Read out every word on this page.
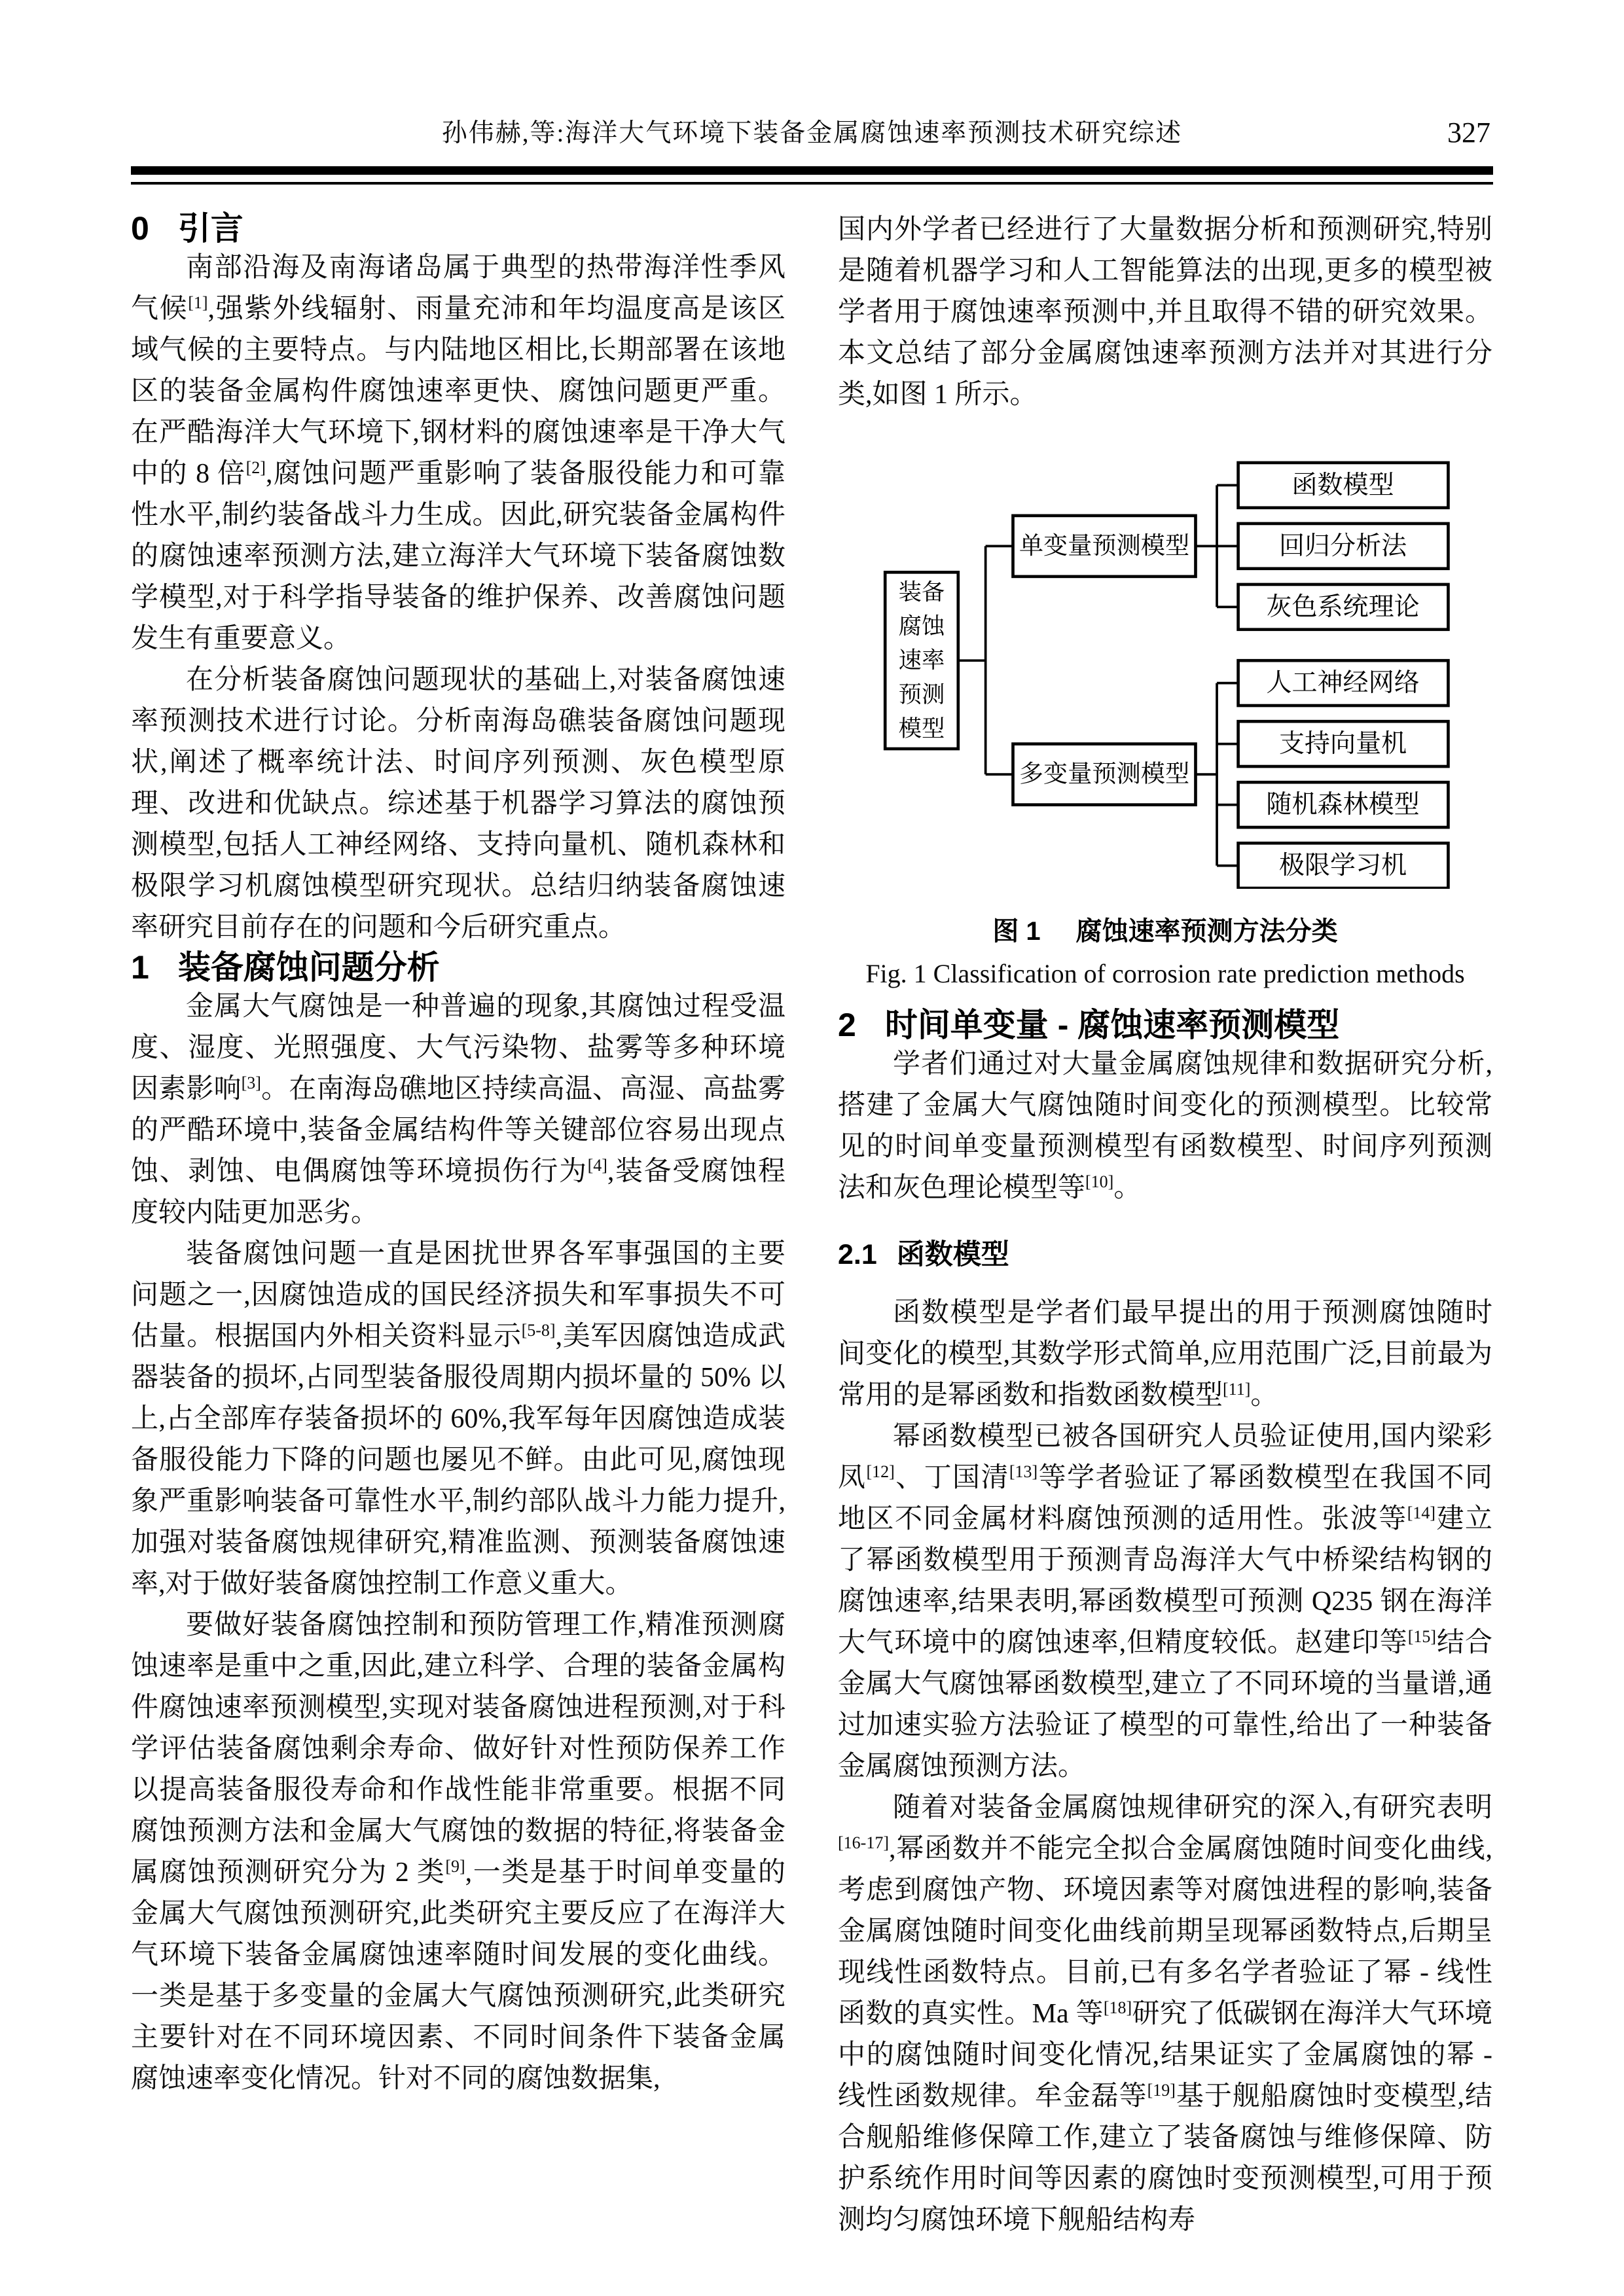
孙伟赫,等:海洋大气环境下装备金属腐蚀速率预测技术研究综述	327
0 引言

南部沿海及南海诸岛属于典型的热带海洋性季风气候[1],强紫外线辐射、雨量充沛和年均温度高是该区域气候的主要特点。与内陆地区相比,长期部署在该地区的装备金属构件腐蚀速率更快、腐蚀问题更严重。在严酷海洋大气环境下,钢材料的腐蚀速率是干净大气中的 8 倍[2],腐蚀问题严重影响了装备服役能力和可靠性水平,制约装备战斗力生成。因此,研究装备金属构件的腐蚀速率预测方法,建立海洋大气环境下装备腐蚀数学模型,对于科学指导装备的维护保养、改善腐蚀问题发生有重要意义。

在分析装备腐蚀问题现状的基础上,对装备腐蚀速率预测技术进行讨论。分析南海岛礁装备腐蚀问题现状,阐述了概率统计法、时间序列预测、灰色模型原理、改进和优缺点。综述基于机器学习算法的腐蚀预测模型,包括人工神经网络、支持向量机、随机森林和极限学习机腐蚀模型研究现状。总结归纳装备腐蚀速率研究目前存在的问题和今后研究重点。

1 装备腐蚀问题分析

金属大气腐蚀是一种普遍的现象,其腐蚀过程受温度、湿度、光照强度、大气污染物、盐雾等多种环境因素影响[3]。在南海岛礁地区持续高温、高湿、高盐雾的严酷环境中,装备金属结构件等关键部位容易出现点蚀、剥蚀、电偶腐蚀等环境损伤行为[4],装备受腐蚀程度较内陆更加恶劣。

装备腐蚀问题一直是困扰世界各军事强国的主要问题之一,因腐蚀造成的国民经济损失和军事损失不可估量。根据国内外相关资料显示[5-8],美军因腐蚀造成武器装备的损坏,占同型装备服役周期内损坏量的 50% 以上,占全部库存装备损坏的 60%,我军每年因腐蚀造成装备服役能力下降的问题也屡见不鲜。由此可见,腐蚀现象严重影响装备可靠性水平,制约部队战斗力能力提升,加强对装备腐蚀规律研究,精准监测、预测装备腐蚀速率,对于做好装备腐蚀控制工作意义重大。

要做好装备腐蚀控制和预防管理工作,精准预测腐蚀速率是重中之重,因此,建立科学、合理的装备金属构件腐蚀速率预测模型,实现对装备腐蚀进程预测,对于科学评估装备腐蚀剩余寿命、做好针对性预防保养工作以提高装备服役寿命和作战性能非常重要。根据不同腐蚀预测方法和金属大气腐蚀的数据的特征,将装备金属腐蚀预测研究分为 2 类[9],一类是基于时间单变量的金属大气腐蚀预测研究,此类研究主要反应了在海洋大气环境下装备金属腐蚀速率随时间发展的变化曲线。一类是基于多变量的金属大气腐蚀预测研究,此类研究主要针对在不同环境因素、不同时间条件下装备金属腐蚀速率变化情况。针对不同的腐蚀数据集,

国内外学者已经进行了大量数据分析和预测研究,特别是随着机器学习和人工智能算法的出现,更多的模型被学者用于腐蚀速率预测中,并且取得不错的研究效果。本文总结了部分金属腐蚀速率预测方法并对其进行分类,如图 1 所示。

装备
腐蚀
速率
预测
模型
单变量预测模型
多变量预测模型
函数模型
回归分析法
灰色系统理论
人工神经网络
支持向量机
随机森林模型
极限学习机
图 1 腐蚀速率预测方法分类
Fig. 1 Classification of corrosion rate prediction methods
2 时间单变量 - 腐蚀速率预测模型

学者们通过对大量金属腐蚀规律和数据研究分析,搭建了金属大气腐蚀随时间变化的预测模型。比较常见的时间单变量预测模型有函数模型、时间序列预测法和灰色理论模型等[10]。

2.1 函数模型

函数模型是学者们最早提出的用于预测腐蚀随时间变化的模型,其数学形式简单,应用范围广泛,目前最为常用的是幂函数和指数函数模型[11]。

幂函数模型已被各国研究人员验证使用,国内梁彩凤[12]、丁国清[13]等学者验证了幂函数模型在我国不同地区不同金属材料腐蚀预测的适用性。张波等[14]建立了幂函数模型用于预测青岛海洋大气中桥梁结构钢的腐蚀速率,结果表明,幂函数模型可预测 Q235 钢在海洋大气环境中的腐蚀速率,但精度较低。赵建印等[15]结合金属大气腐蚀幂函数模型,建立了不同环境的当量谱,通过加速实验方法验证了模型的可靠性,给出了一种装备金属腐蚀预测方法。

随着对装备金属腐蚀规律研究的深入,有研究表明[16-17],幂函数并不能完全拟合金属腐蚀随时间变化曲线,考虑到腐蚀产物、环境因素等对腐蚀进程的影响,装备金属腐蚀随时间变化曲线前期呈现幂函数特点,后期呈现线性函数特点。目前,已有多名学者验证了幂 - 线性函数的真实性。Ma 等[18]研究了低碳钢在海洋大气环境中的腐蚀随时间变化情况,结果证实了金属腐蚀的幂 - 线性函数规律。牟金磊等[19]基于舰船腐蚀时变模型,结合舰船维修保障工作,建立了装备腐蚀与维修保障、防护系统作用时间等因素的腐蚀时变预测模型,可用于预测均匀腐蚀环境下舰船结构寿
